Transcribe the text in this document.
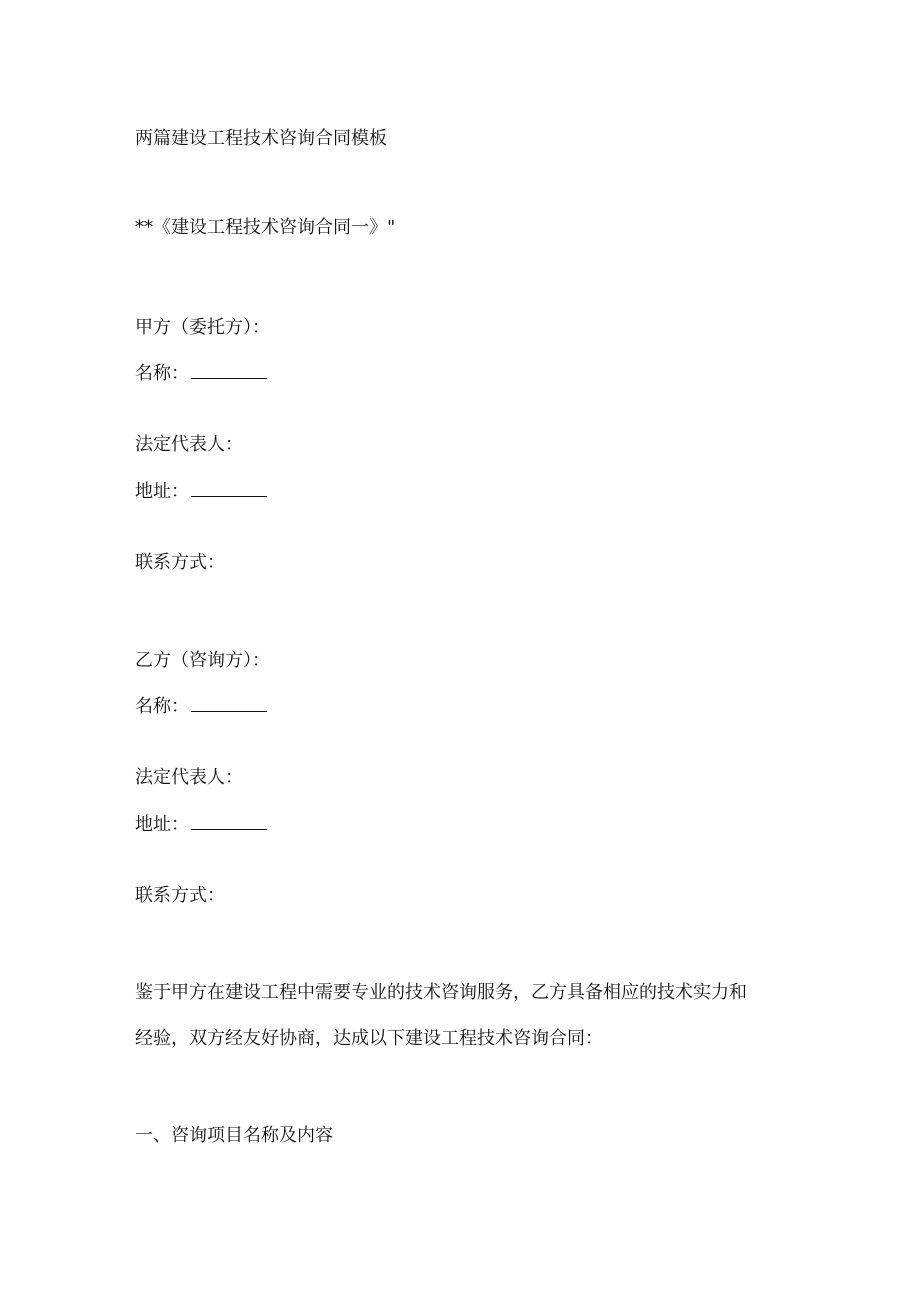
两篇建设工程技术咨询合同模板
**《建设工程技术咨询合同一》"
甲方（委托方）：
名称：
法定代表人：
地址：
联系方式：
乙方（咨询方）：
名称：
法定代表人：
地址：
联系方式：
鉴于甲方在建设工程中需要专业的技术咨询服务，乙方具备相应的技术实力和
经验，双方经友好协商，达成以下建设工程技术咨询合同：
一、咨询项目名称及内容
